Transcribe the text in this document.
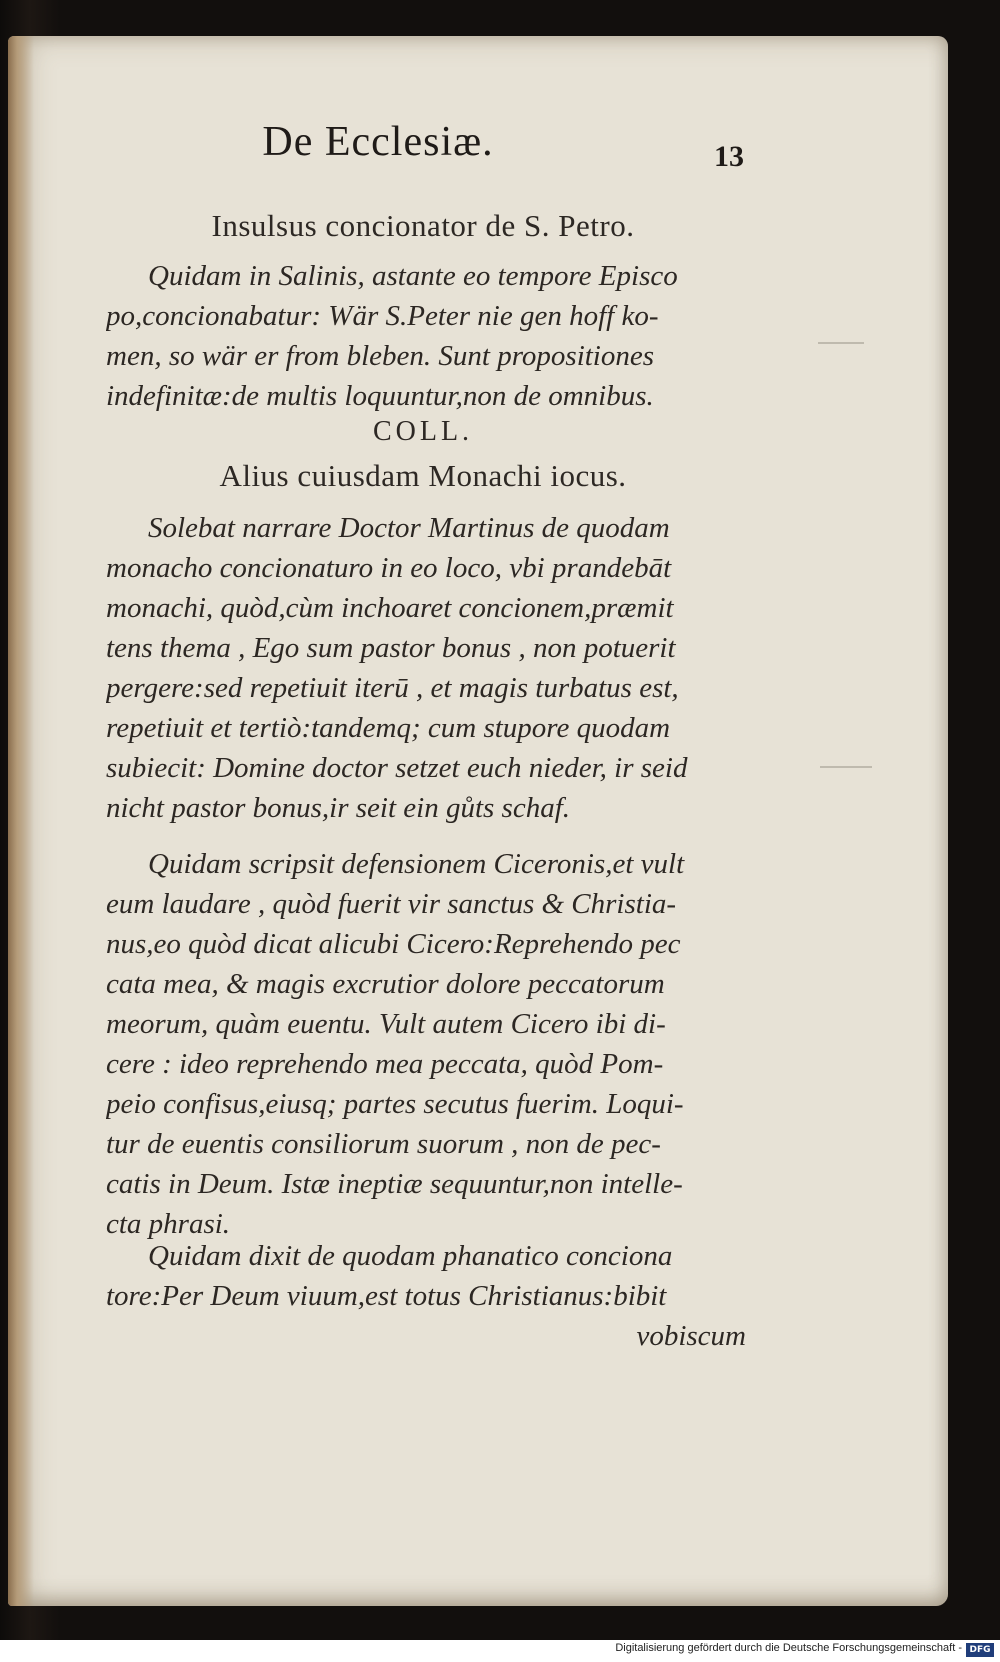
De Ecclesiæ.	13
Insulsus concionator de S. Petro.
Quidam in Salinis, astante eo tempore Episco
po,concionabatur: Wär S.Peter nie gen hoff ko-
men, so wär er from bleben. Sunt propositiones
indefinitæ:de multis loquuntur,non de omnibus.
COLL.
Alius cuiusdam Monachi iocus.
Solebat narrare Doctor Martinus de quodam
monacho concionaturo in eo loco, vbi prandebāt
monachi, quòd,cùm inchoaret concionem,præmit
tens thema , Ego sum pastor bonus , non potuerit
pergere:sed repetiuit iterū , et magis turbatus est,
repetiuit et tertiò:tandemq; cum stupore quodam
subiecit: Domine doctor setzet euch nieder, ir seid
nicht pastor bonus,ir seit ein gůts schaf.
Quidam scripsit defensionem Ciceronis,et vult
eum laudare , quòd fuerit vir sanctus & Christia-
nus,eo quòd dicat alicubi Cicero:Reprehendo pec
cata mea, & magis excrutior dolore peccatorum
meorum, quàm euentu. Vult autem Cicero ibi di-
cere : ideo reprehendo mea peccata, quòd Pom-
peio confisus,eiusq; partes secutus fuerim. Loqui-
tur de euentis consiliorum suorum , non de pec-
catis in Deum. Istæ ineptiæ sequuntur,non intelle-
cta phrasi.
Quidam dixit de quodam phanatico conciona
tore:Per Deum viuum,est totus Christianus:bibit
vobiscum
Digitalisierung gefördert durch die Deutsche Forschungsgemeinschaft - DFG
